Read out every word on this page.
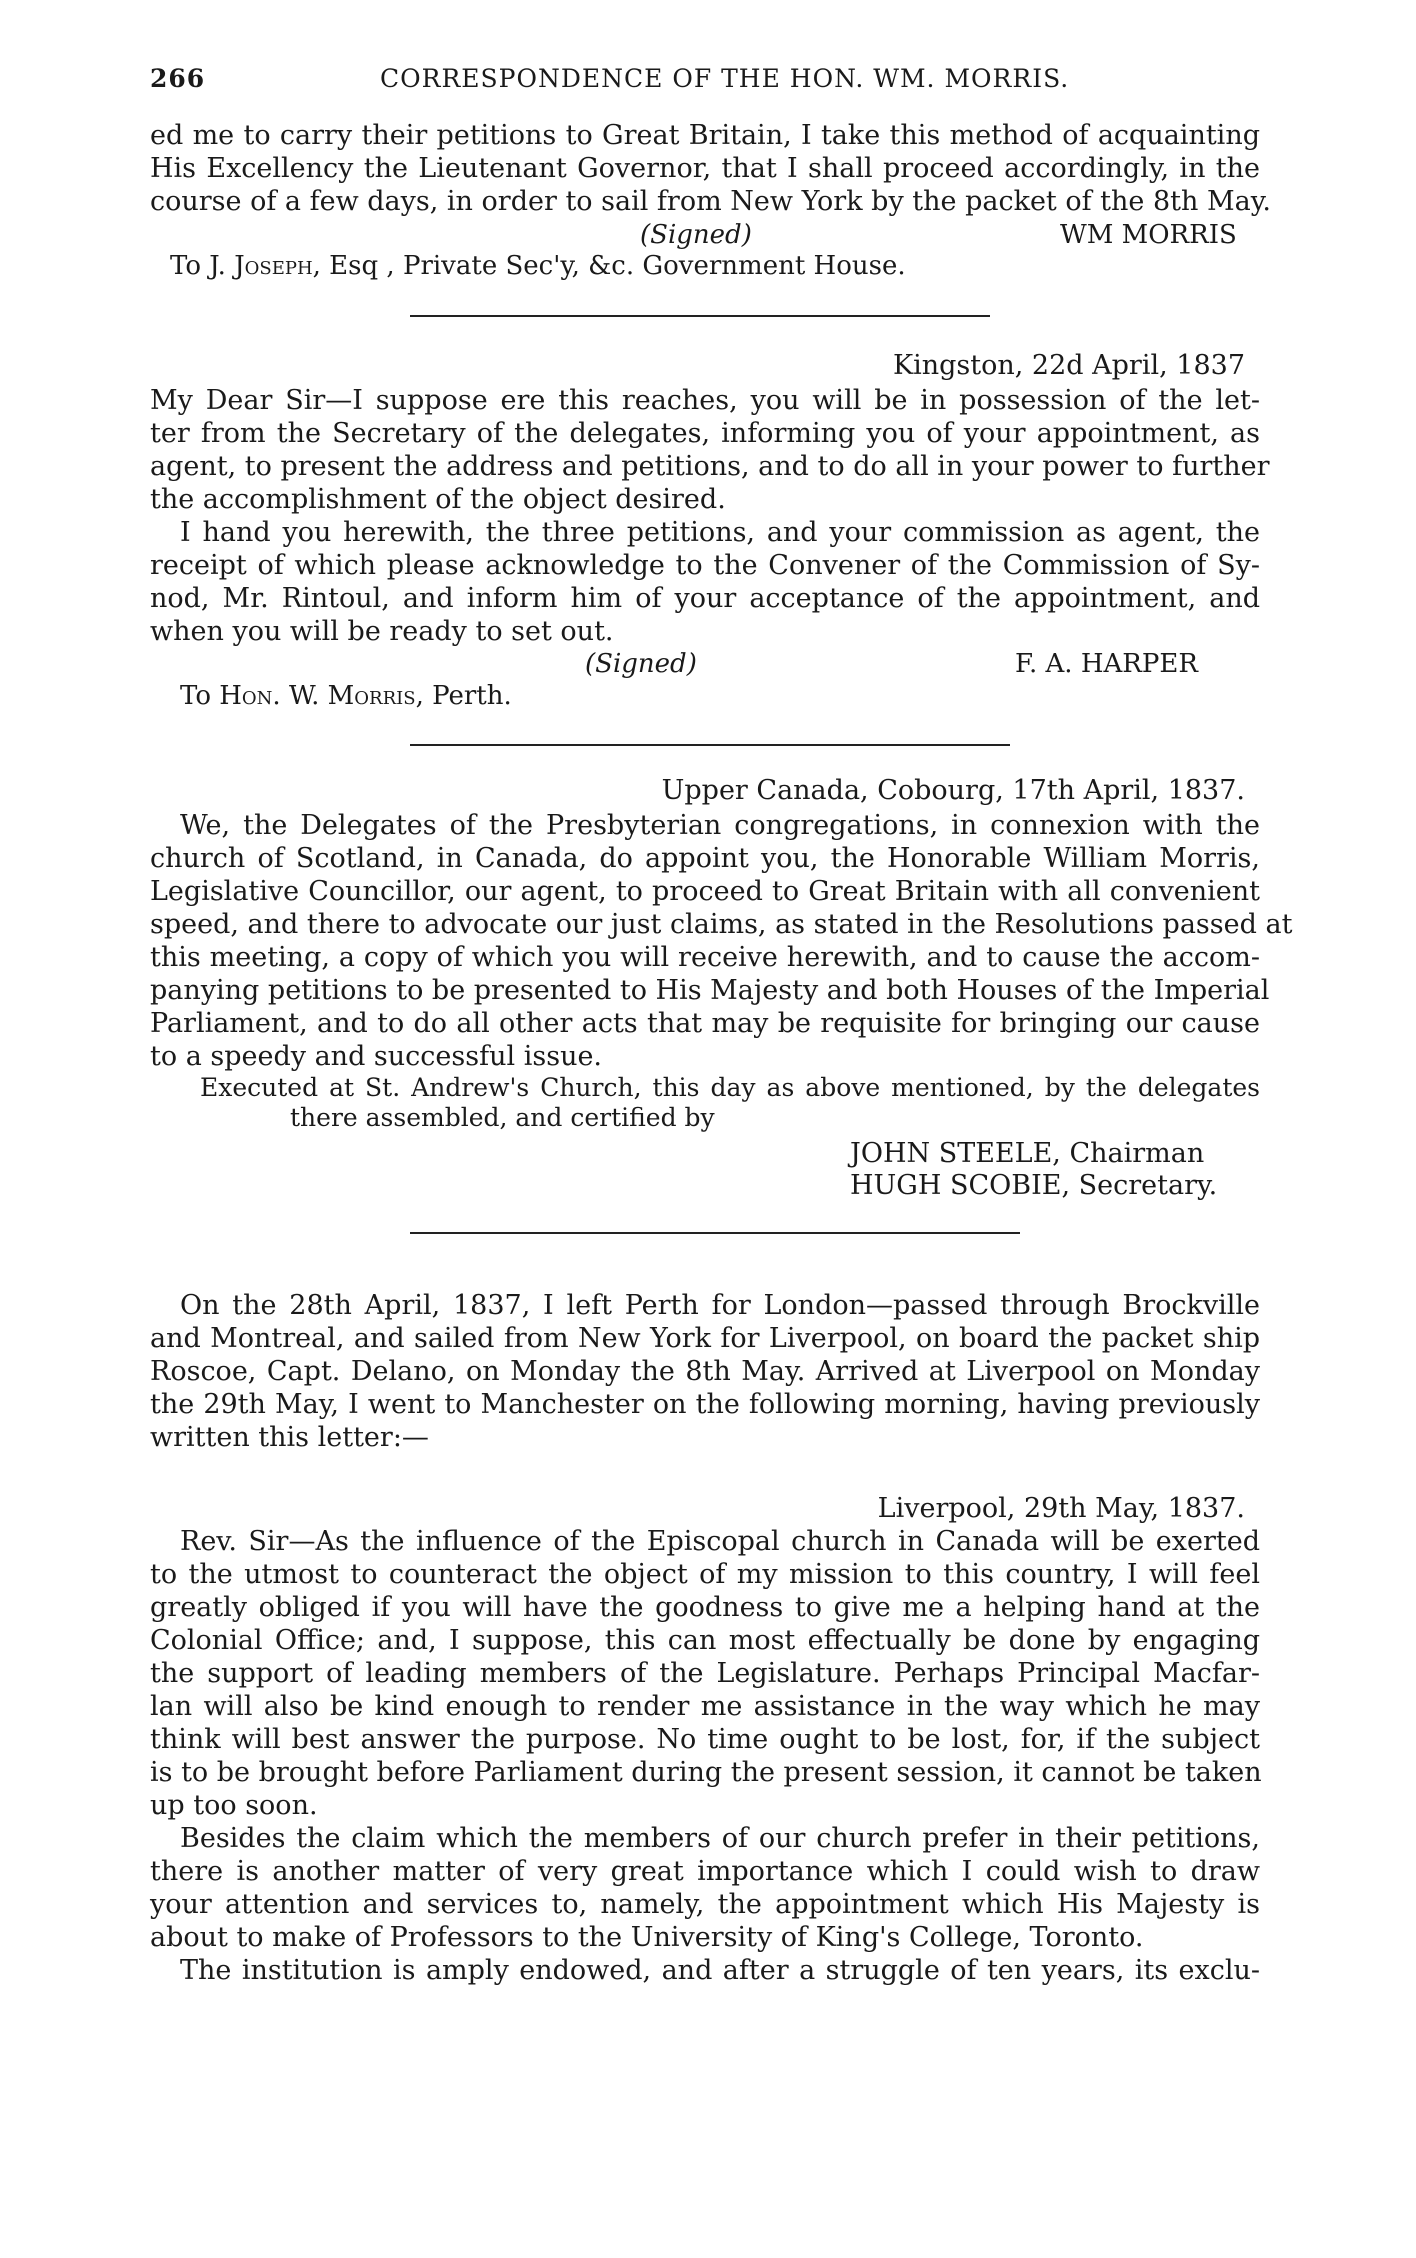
266	CORRESPONDENCE OF THE HON. WM. MORRIS.
ed me to carry their petitions to Great Britain, I take this method of acquainting
His Excellency the Lieutenant Governor, that I shall proceed accordingly, in the
course of a few days, in order to sail from New York by the packet of the 8th May.
(Signed)	WM MORRIS
To J. Joseph, Esq , Private Sec'y, &c. Government House.
Kingston, 22d April, 1837
My Dear Sir—I suppose ere this reaches, you will be in possession of the let-
ter from the Secretary of the delegates, informing you of your appointment, as
agent, to present the address and petitions, and to do all in your power to further
the accomplishment of the object desired.
I hand you herewith, the three petitions, and your commission as agent, the
receipt of which please acknowledge to the Convener of the Commission of Sy-
nod, Mr. Rintoul, and inform him of your acceptance of the appointment, and
when you will be ready to set out.
(Signed)	F. A. HARPER
To Hon. W. Morris, Perth.
Upper Canada, Cobourg, 17th April, 1837.
We, the Delegates of the Presbyterian congregations, in connexion with the
church of Scotland, in Canada, do appoint you, the Honorable William Morris,
Legislative Councillor, our agent, to proceed to Great Britain with all convenient
speed, and there to advocate our just claims, as stated in the Resolutions passed at
this meeting, a copy of which you will receive herewith, and to cause the accom-
panying petitions to be presented to His Majesty and both Houses of the Imperial
Parliament, and to do all other acts that may be requisite for bringing our cause
to a speedy and successful issue.
Executed at St. Andrew's Church, this day as above mentioned, by the delegates
there assembled, and certified by
JOHN STEELE, Chairman
HUGH SCOBIE, Secretary.
On the 28th April, 1837, I left Perth for London—passed through Brockville
and Montreal, and sailed from New York for Liverpool, on board the packet ship
Roscoe, Capt. Delano, on Monday the 8th May. Arrived at Liverpool on Monday
the 29th May, I went to Manchester on the following morning, having previously
written this letter:—
Liverpool, 29th May, 1837.
Rev. Sir—As the influence of the Episcopal church in Canada will be exerted
to the utmost to counteract the object of my mission to this country, I will feel
greatly obliged if you will have the goodness to give me a helping hand at the
Colonial Office; and, I suppose, this can most effectually be done by engaging
the support of leading members of the Legislature. Perhaps Principal Macfar-
lan will also be kind enough to render me assistance in the way which he may
think will best answer the purpose. No time ought to be lost, for, if the subject
is to be brought before Parliament during the present session, it cannot be taken
up too soon.
Besides the claim which the members of our church prefer in their petitions,
there is another matter of very great importance which I could wish to draw
your attention and services to, namely, the appointment which His Majesty is
about to make of Professors to the University of King's College, Toronto.
The institution is amply endowed, and after a struggle of ten years, its exclu-
